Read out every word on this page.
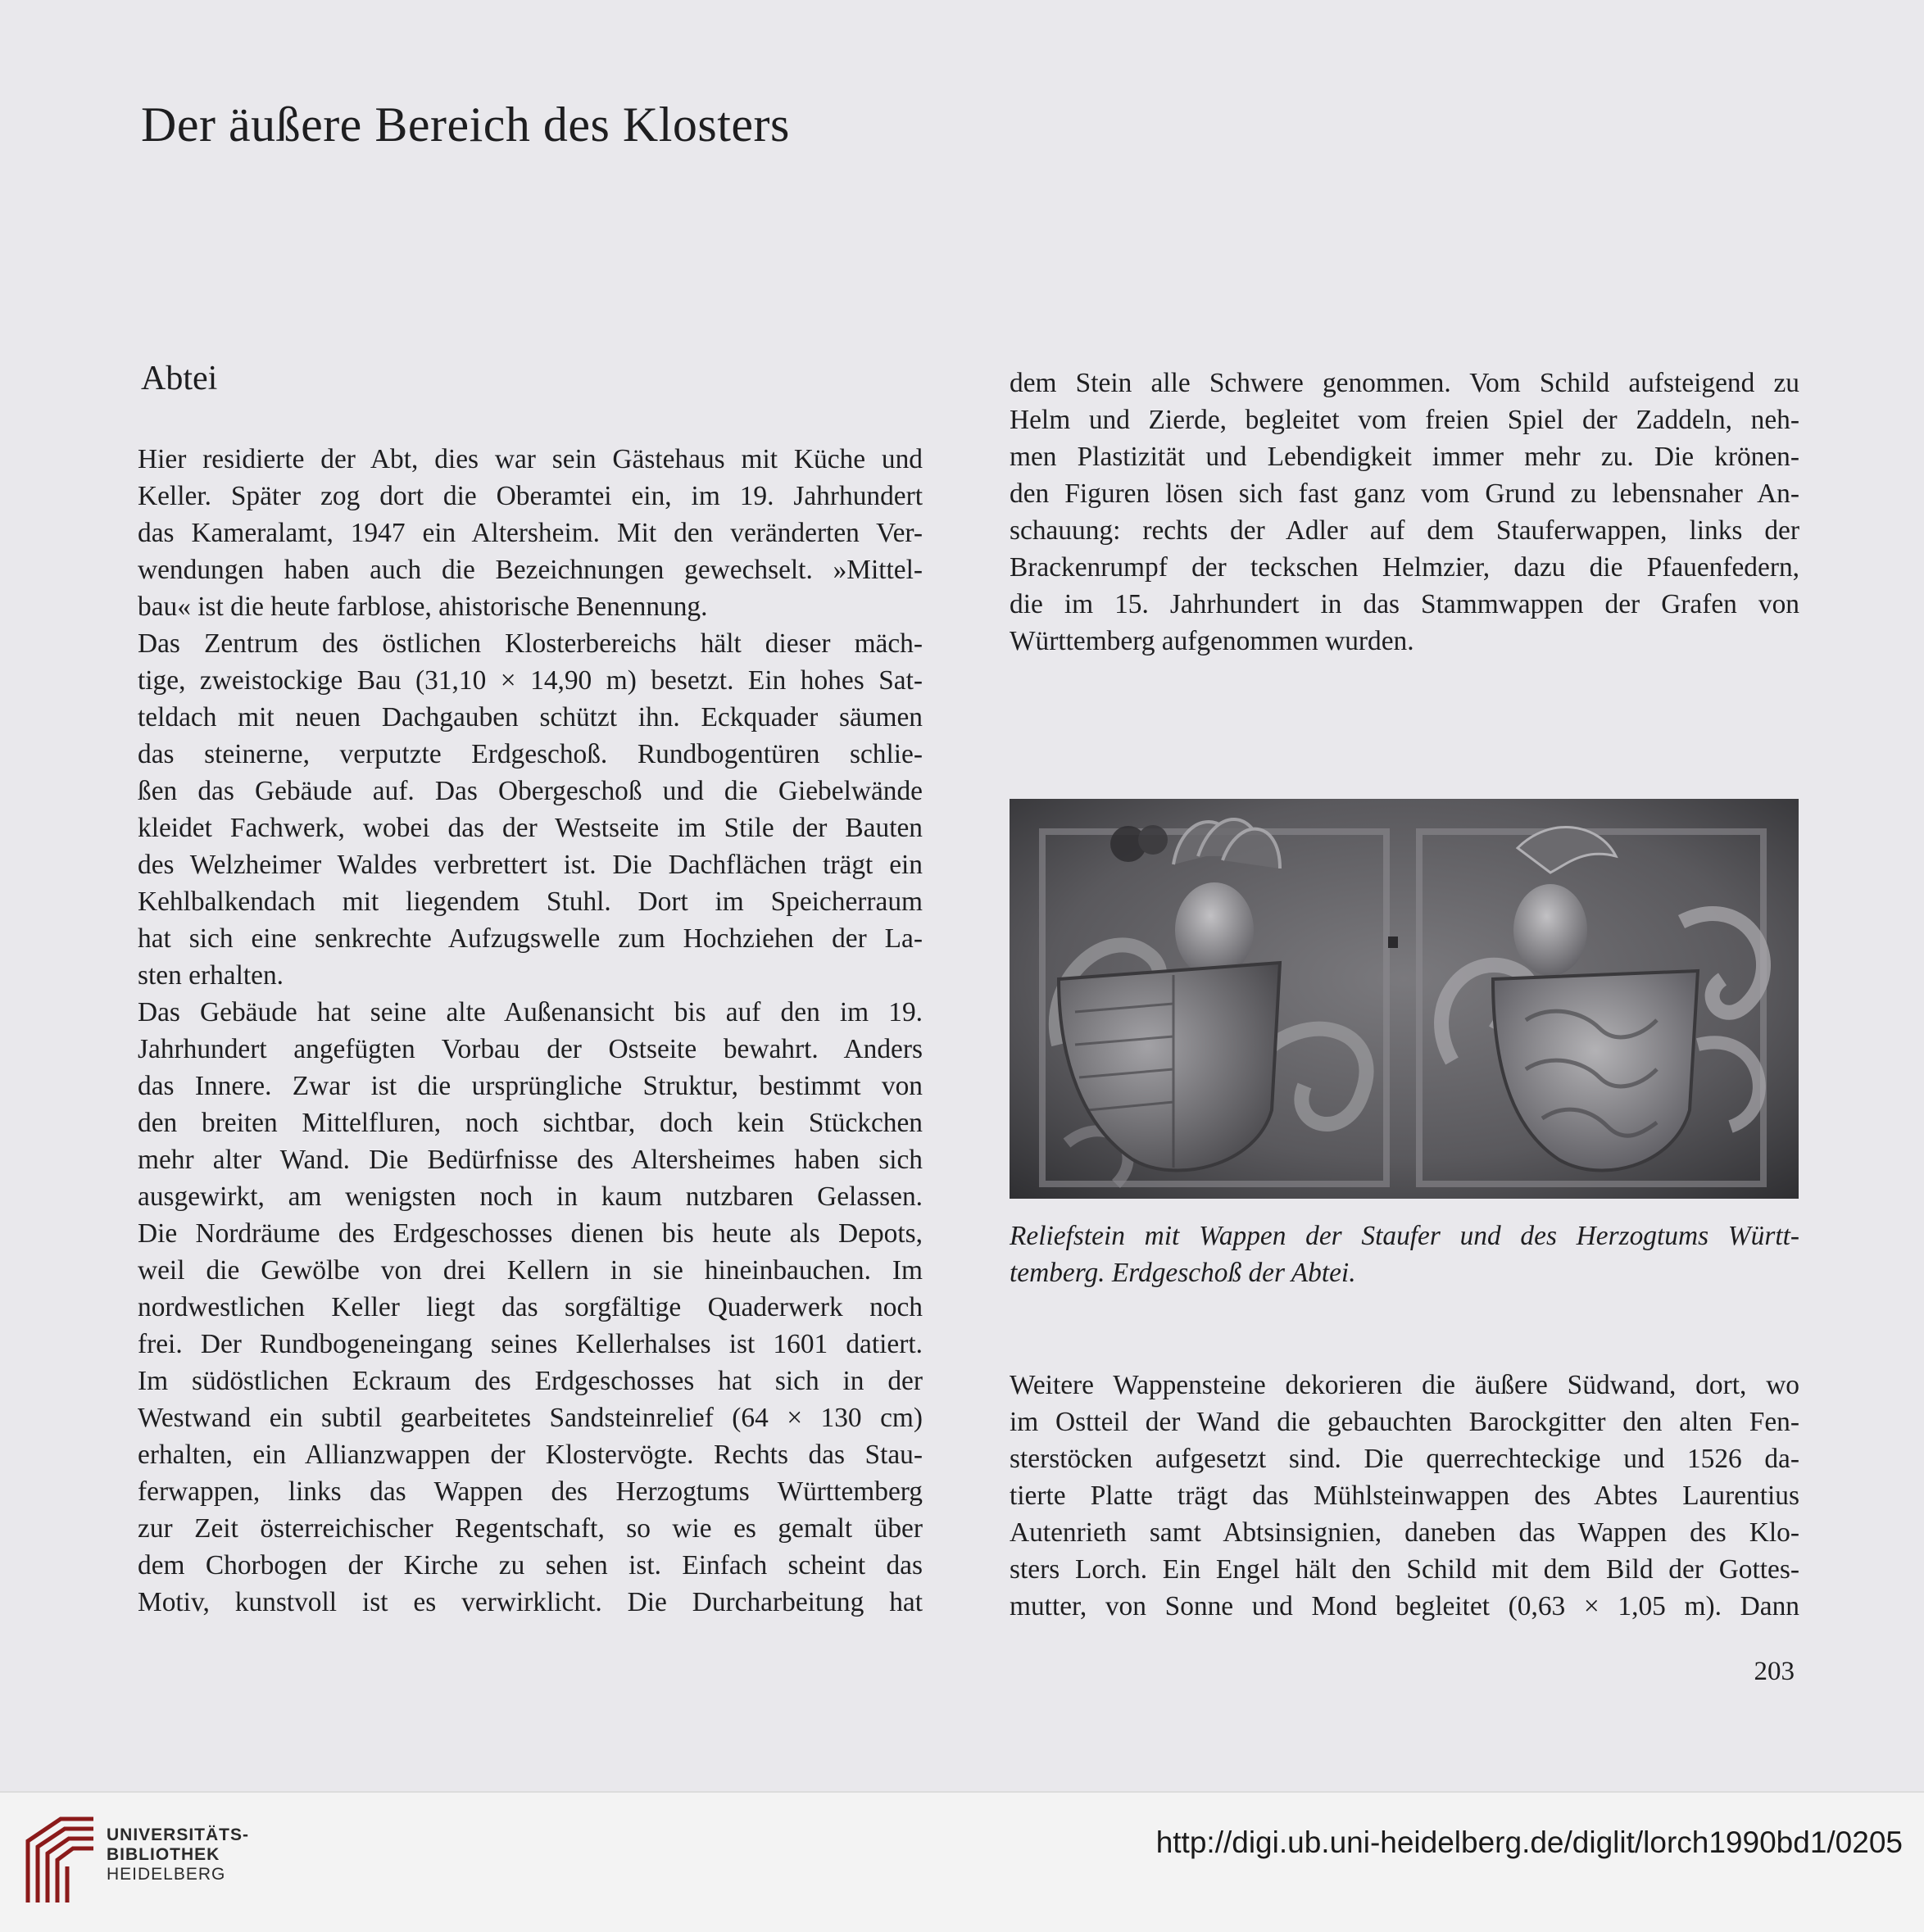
Der äußere Bereich des Klosters
Abtei
Hier residierte der Abt, dies war sein Gästehaus mit Küche und
Keller. Später zog dort die Oberamtei ein, im 19. Jahrhundert
das Kameralamt, 1947 ein Altersheim. Mit den veränderten Ver-
wendungen haben auch die Bezeichnungen gewechselt. »Mittel-
bau« ist die heute farblose, ahistorische Benennung.
Das Zentrum des östlichen Klosterbereichs hält dieser mäch-
tige, zweistockige Bau (31,10 × 14,90 m) besetzt. Ein hohes Sat-
teldach mit neuen Dachgauben schützt ihn. Eckquader säumen
das steinerne, verputzte Erdgeschoß. Rundbogentüren schlie-
ßen das Gebäude auf. Das Obergeschoß und die Giebelwände
kleidet Fachwerk, wobei das der Westseite im Stile der Bauten
des Welzheimer Waldes verbrettert ist. Die Dachflächen trägt ein
Kehlbalkendach mit liegendem Stuhl. Dort im Speicherraum
hat sich eine senkrechte Aufzugswelle zum Hochziehen der La-
sten erhalten.
Das Gebäude hat seine alte Außenansicht bis auf den im 19.
Jahrhundert angefügten Vorbau der Ostseite bewahrt. Anders
das Innere. Zwar ist die ursprüngliche Struktur, bestimmt von
den breiten Mittelfluren, noch sichtbar, doch kein Stückchen
mehr alter Wand. Die Bedürfnisse des Altersheimes haben sich
ausgewirkt, am wenigsten noch in kaum nutzbaren Gelassen.
Die Nordräume des Erdgeschosses dienen bis heute als Depots,
weil die Gewölbe von drei Kellern in sie hineinbauchen. Im
nordwestlichen Keller liegt das sorgfältige Quaderwerk noch
frei. Der Rundbogeneingang seines Kellerhalses ist 1601 datiert.
Im südöstlichen Eckraum des Erdgeschosses hat sich in der
Westwand ein subtil gearbeitetes Sandsteinrelief (64 × 130 cm)
erhalten, ein Allianzwappen der Klostervögte. Rechts das Stau-
ferwappen, links das Wappen des Herzogtums Württemberg
zur Zeit österreichischer Regentschaft, so wie es gemalt über
dem Chorbogen der Kirche zu sehen ist. Einfach scheint das
Motiv, kunstvoll ist es verwirklicht. Die Durcharbeitung hat
dem Stein alle Schwere genommen. Vom Schild aufsteigend zu
Helm und Zierde, begleitet vom freien Spiel der Zaddeln, neh-
men Plastizität und Lebendigkeit immer mehr zu. Die krönen-
den Figuren lösen sich fast ganz vom Grund zu lebensnaher An-
schauung: rechts der Adler auf dem Stauferwappen, links der
Brackenrumpf der teckschen Helmzier, dazu die Pfauenfedern,
die im 15. Jahrhundert in das Stammwappen der Grafen von
Württemberg aufgenommen wurden.
Reliefstein mit Wappen der Staufer und des Herzogtums Württ-
temberg. Erdgeschoß der Abtei.
Weitere Wappensteine dekorieren die äußere Südwand, dort, wo
im Ostteil der Wand die gebauchten Barockgitter den alten Fen-
sterstöcken aufgesetzt sind. Die querrechteckige und 1526 da-
tierte Platte trägt das Mühlsteinwappen des Abtes Laurentius
Autenrieth samt Abtsinsignien, daneben das Wappen des Klo-
sters Lorch. Ein Engel hält den Schild mit dem Bild der Gottes-
mutter, von Sonne und Mond begleitet (0,63 × 1,05 m). Dann
203
UNIVERSITÄTS-
BIBLIOTHEK
HEIDELBERG
http://digi.ub.uni-heidelberg.de/diglit/lorch1990bd1/0205
